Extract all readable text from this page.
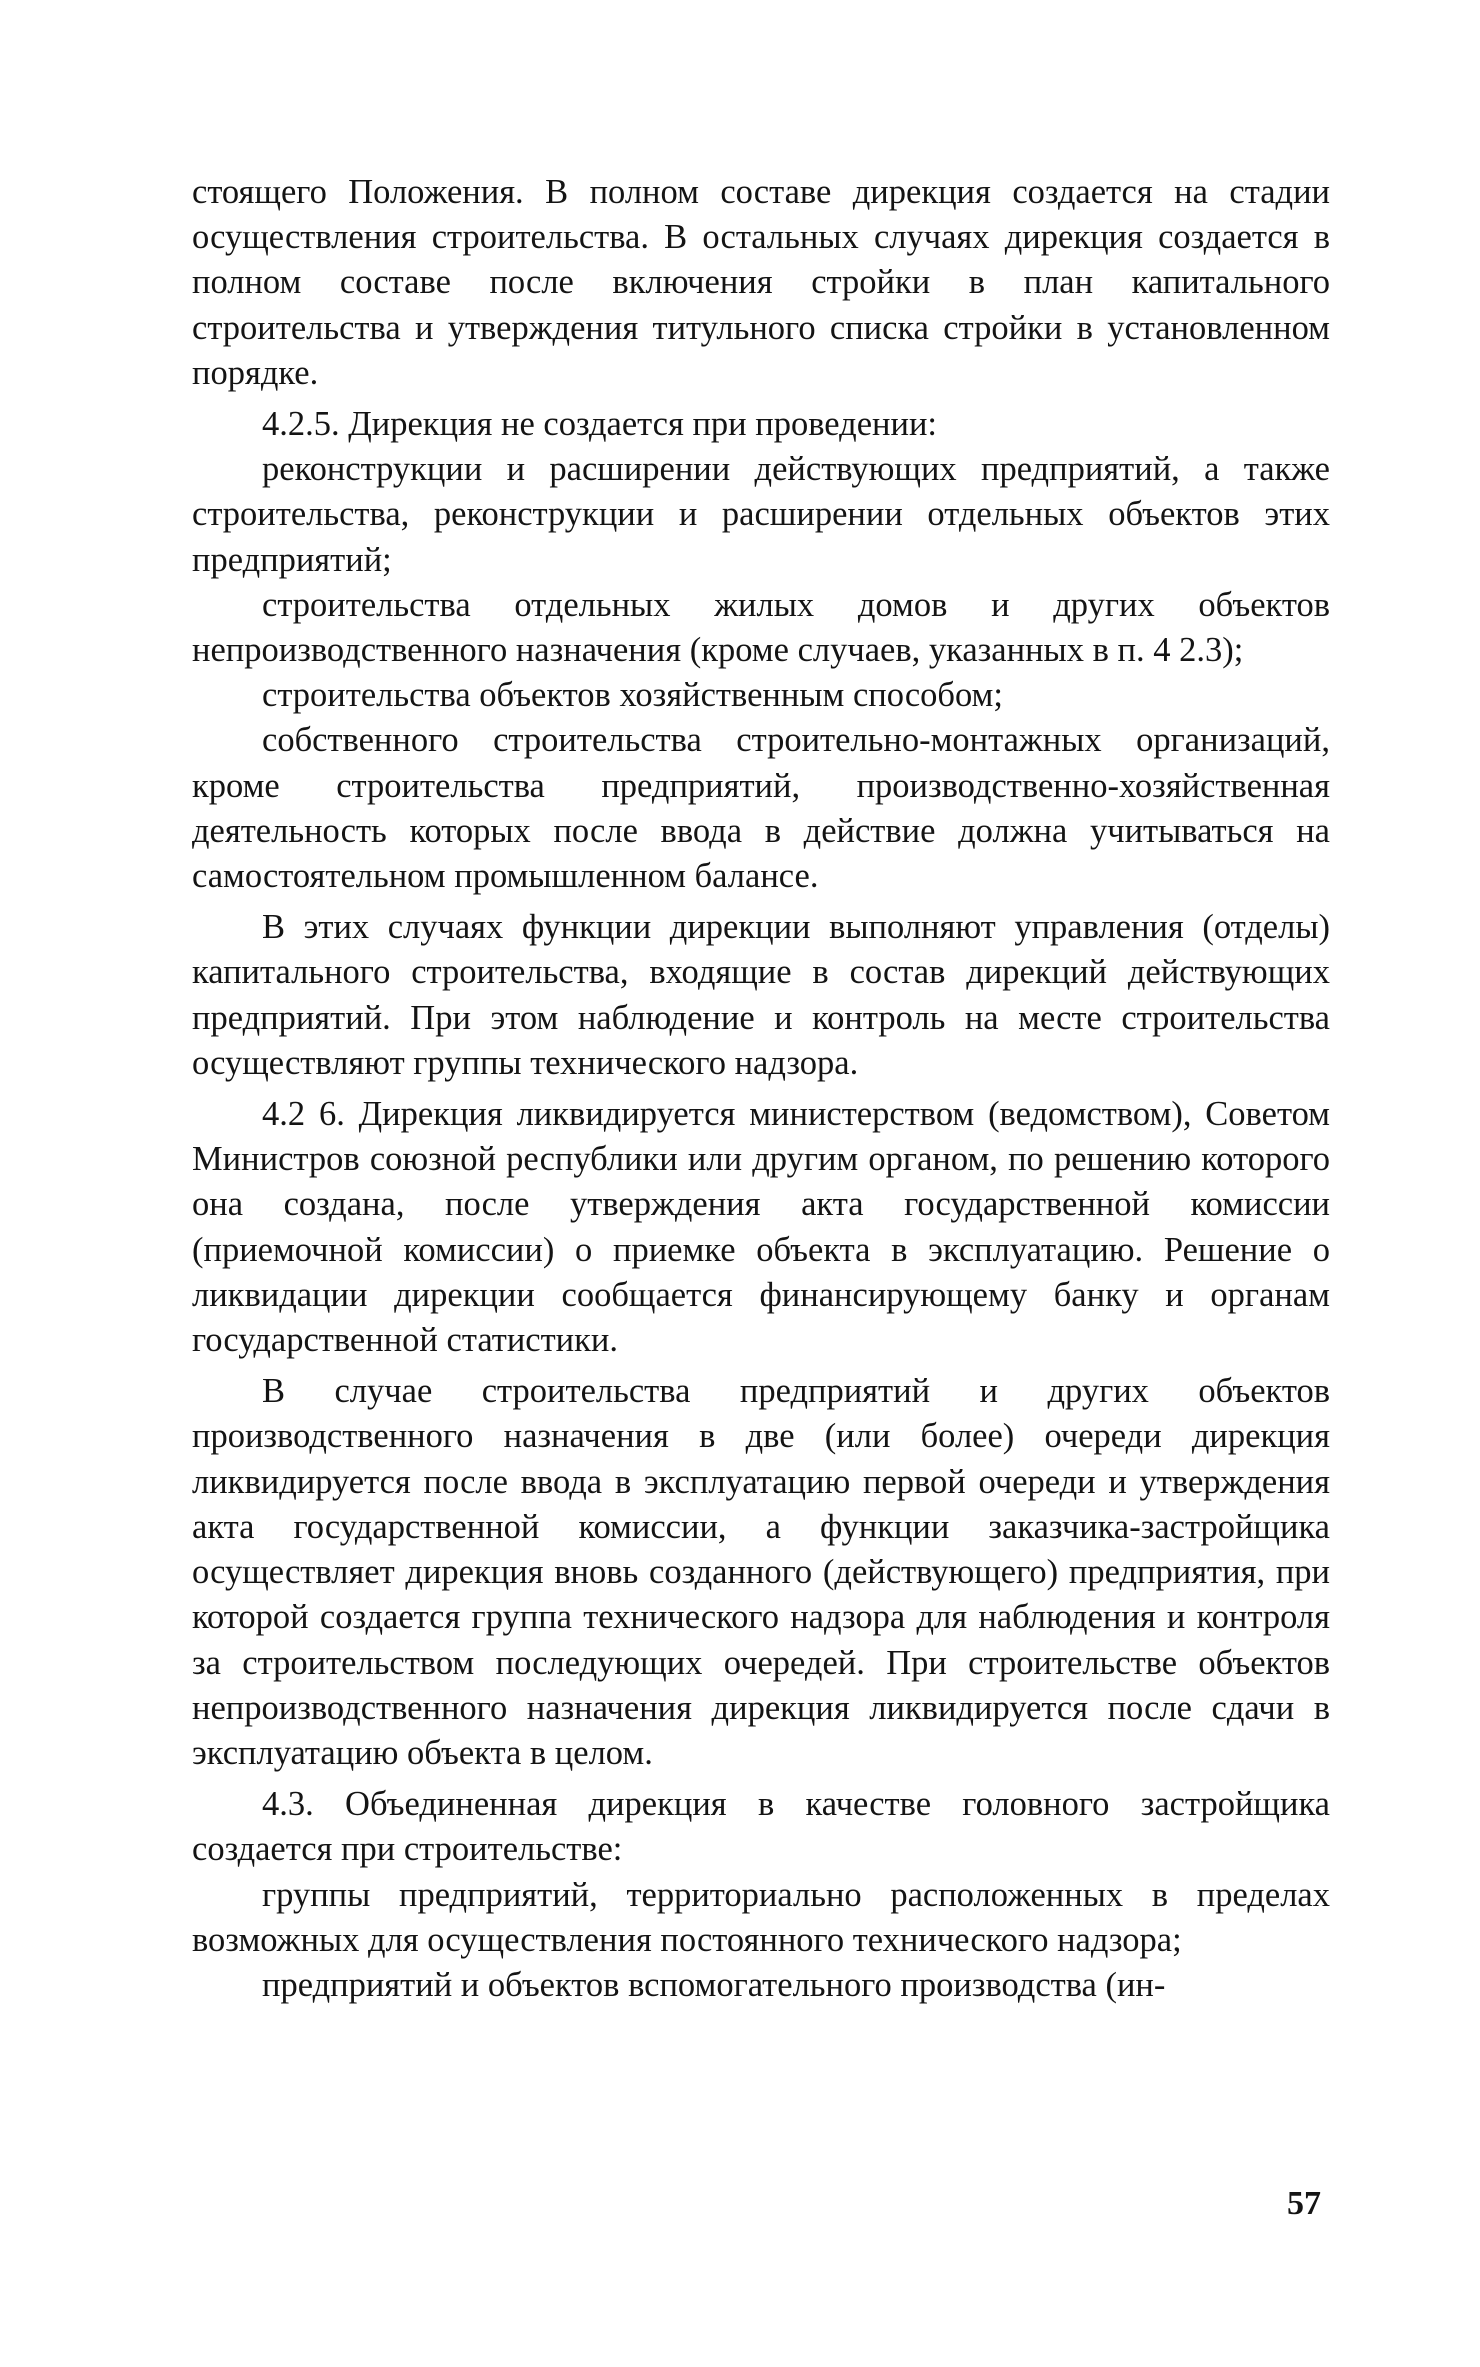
стоящего Положения. В полном составе дирекция создается на стадии осуществления строительства. В остальных случаях дирекция создается в полном составе после включения стройки в план капитального строительства и утверждения титульного списка стройки в установленном порядке.

4.2.5. Дирекция не создается при проведении:

реконструкции и расширении действующих предприятий, а также строительства, реконструкции и расширении отдельных объектов этих предприятий;

строительства отдельных жилых домов и других объектов непроизводственного назначения (кроме случаев, указанных в п. 4 2.3);

строительства объектов хозяйственным способом;

собственного строительства строительно-монтажных организаций, кроме строительства предприятий, производственно-хозяйственная деятельность которых после ввода в действие должна учитываться на самостоятельном промышленном балансе.

В этих случаях функции дирекции выполняют управления (отделы) капитального строительства, входящие в состав дирекций действующих предприятий. При этом наблюдение и контроль на месте строительства осуществляют группы технического надзора.

4.2 6. Дирекция ликвидируется министерством (ведомством), Советом Министров союзной республики или другим органом, по решению которого она создана, после утверждения акта государственной комиссии (приемочной комиссии) о приемке объекта в эксплуатацию. Решение о ликвидации дирекции сообщается финансирующему банку и органам государственной статистики.

В случае строительства предприятий и других объектов производственного назначения в две (или более) очереди дирекция ликвидируется после ввода в эксплуатацию первой очереди и утверждения акта государственной комиссии, а функции заказчика-застройщика осуществляет дирекция вновь созданного (действующего) предприятия, при которой создается группа технического надзора для наблюдения и контроля за строительством последующих очередей. При строительстве объектов непроизводственного назначения дирекция ликвидируется после сдачи в эксплуатацию объекта в целом.

4.3. Объединенная дирекция в качестве головного застройщика создается при строительстве:

группы предприятий, территориально расположенных в пределах возможных для осуществления постоянного технического надзора;

предприятий и объектов вспомогательного производства (ин-

57
